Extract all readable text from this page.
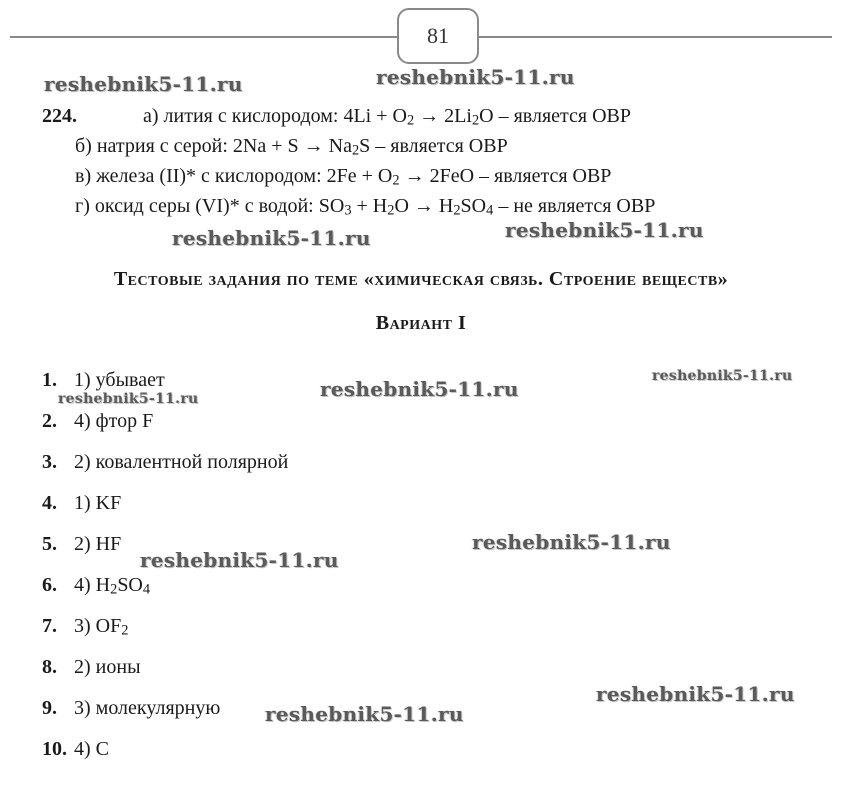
81
reshebnik5-11.ru	reshebnik5-11.ru
reshebnik5-11.ru	reshebnik5-11.ru
reshebnik5-11.ru
reshebnik5-11.ru
reshebnik5-11.ru
reshebnik5-11.ru
reshebnik5-11.ru
reshebnik5-11.ru
reshebnik5-11.ru
224.	а) лития с кислородом: $4Li + O_2 \to 2Li_2O$ – является ОВР
б) натрия с серой: $2Na + S \to Na_2S$ – является ОВР
в) железа (II)* с кислородом: $2Fe + O_2 \to 2FeO$ – является ОВР
г) оксид серы (VI)* с водой: $SO_3 + H_2O \to H_2SO_4$ – не является ОВР
Тестовые задания по теме «химическая связь. Строение веществ»
Вариант I
1. 1) убывает
2. 4) фтор F
3. 2) ковалентной полярной
4. 1) KF
5. 2) HF
6. 4) $H_2SO_4$
7. 3) $OF_2$
8. 2) ионы
9. 3) молекулярную
10. 4) C
